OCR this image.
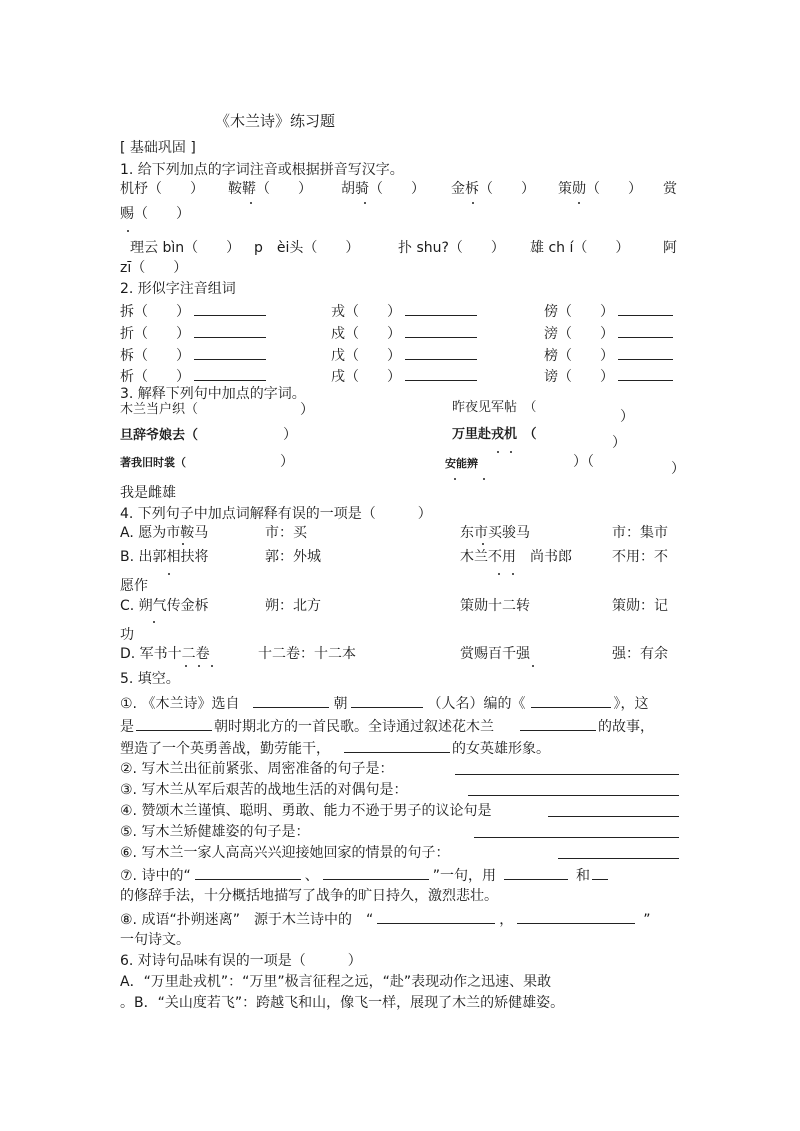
《木兰诗》练习题
[ 基础巩固 ]
1. 给下列加点的字词注音或根据拼音写汉字。
机杼（　　） 鞍鞯（　　） 胡骑（　　） 金柝（　　） 策勋（　　） 赏
赐（　　）
理云 bìn（　　） p　èi头（　　）	扑 shu?（　　） 雄 ch í（　　） 阿
zī（　　）
2. 形似字注音组词
拆（　　）	戎（　　）	傍（　　）
折（　　）	戍（　　）	滂（　　）
柝（　　）	戊（　　）	榜（　　）
析（　　）	戌（　　）	谤（　　）
3. 解释下列句中加点的字词。
木兰当户织（	）	昨夜见军帖　（
）
旦辞爷娘去（	）	万里赴戎机　（
）
著我旧时裳（	）	安能辨	）（	）
我是雌雄
4. 下列句子中加点词解释有误的一项是（　　　）
A. 愿为市鞍马	市：买	东市买骏马	市：集市
B. 出郭相扶将	郭：外城	木兰不用　尚书郎	不用：不
愿作
C. 朔气传金柝	朔：北方	策勋十二转	策勋：记
功
D. 军书十二卷	十二卷：十二本	赏赐百千强	强：有余
5. 填空。
①. 《木兰诗》选自	朝	（人名）编的《	》，这
是	朝时期北方的一首民歌。全诗通过叙述花木兰	的故事，
塑造了一个英勇善战，勤劳能干，	的女英雄形象。
②. 写木兰出征前紧张、周密准备的句子是：
③. 写木兰从军后艰苦的战地生活的对偶句是：
④. 赞颂木兰谨慎、聪明、勇敢、能力不逊于男子的议论句是
⑤. 写木兰矫健雄姿的句子是：
⑥. 写木兰一家人高高兴兴迎接她回家的情景的句子：
⑦. 诗中的“	、	”一句，用	和
的修辞手法，十分概括地描写了战争的旷日持久，激烈悲壮。
⑧. 成语“扑朔迷离”　源于木兰诗中的　“	，	”
一句诗文。
6. 对诗句品味有误的一项是（　　　）
A．“万里赴戎机”：“万里”极言征程之远，“赴”表现动作之迅速、果敢
。B．“关山度若飞”：跨越飞和山，像飞一样，展现了木兰的矫健雄姿。
